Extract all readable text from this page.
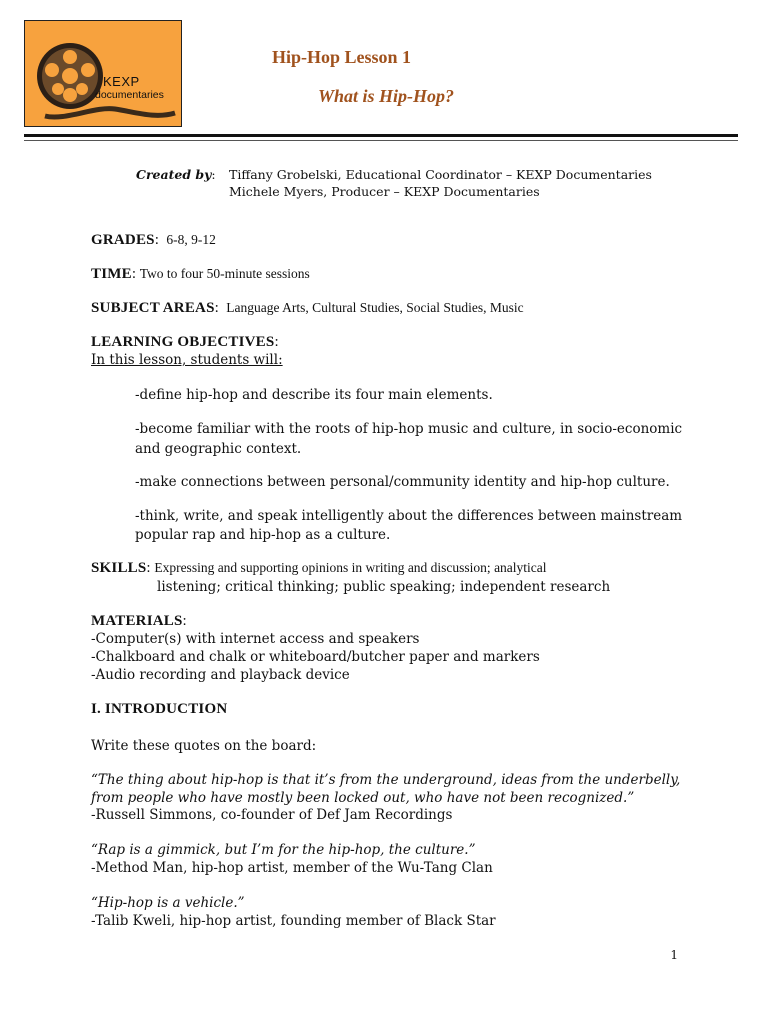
KEXP
documentaries
Hip-Hop Lesson 1
What is Hip-Hop?
Created by: Tiffany Grobelski, Educational Coordinator – KEXP Documentaries
Michele Myers, Producer – KEXP Documentaries
GRADES:  6-8, 9-12
TIME: Two to four 50-minute sessions
SUBJECT AREAS:  Language Arts, Cultural Studies, Social Studies, Music
LEARNING OBJECTIVES:
In this lesson, students will:
-define hip-hop and describe its four main elements.
-become familiar with the roots of hip-hop music and culture, in socio-economic
and geographic context.
-make connections between personal/community identity and hip-hop culture.
-think, write, and speak intelligently about the differences between mainstream
popular rap and hip-hop as a culture.
SKILLS: Expressing and supporting opinions in writing and discussion; analytical
listening; critical thinking; public speaking; independent research
MATERIALS:
-Computer(s) with internet access and speakers
-Chalkboard and chalk or whiteboard/butcher paper and markers
-Audio recording and playback device
I. INTRODUCTION
Write these quotes on the board:
“The thing about hip-hop is that it’s from the underground, ideas from the underbelly,
from people who have mostly been locked out, who have not been recognized.”
-Russell Simmons, co-founder of Def Jam Recordings
“Rap is a gimmick, but I’m for the hip-hop, the culture.”
-Method Man, hip-hop artist, member of the Wu-Tang Clan
“Hip-hop is a vehicle.”
-Talib Kweli, hip-hop artist, founding member of Black Star
1
